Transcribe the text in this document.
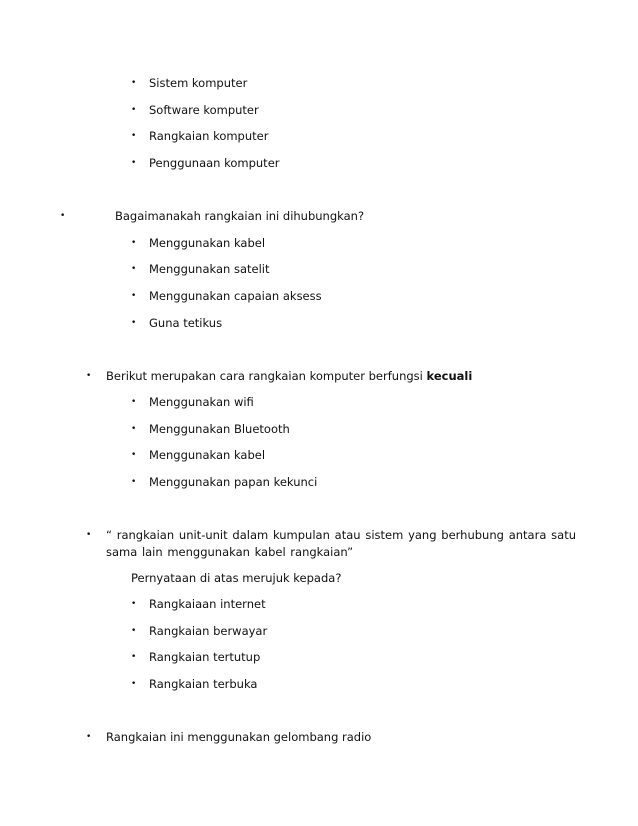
• Sistem komputer
• Software komputer
• Rangkaian komputer
• Penggunaan komputer
•	Bagaimanakah rangkaian ini dihubungkan?
• Menggunakan kabel
• Menggunakan satelit
• Menggunakan capaian aksess
• Guna tetikus
• Berikut merupakan cara rangkaian komputer berfungsi kecuali
• Menggunakan wifi
• Menggunakan Bluetooth
• Menggunakan kabel
• Menggunakan papan kekunci
• “ rangkaian unit-unit dalam kumpulan atau sistem yang berhubung antara satu sama lain menggunakan kabel rangkaian”
Pernyataan di atas merujuk kepada?
• Rangkaiaan internet
• Rangkaian berwayar
• Rangkaian tertutup
• Rangkaian terbuka
• Rangkaian ini menggunakan gelombang radio
